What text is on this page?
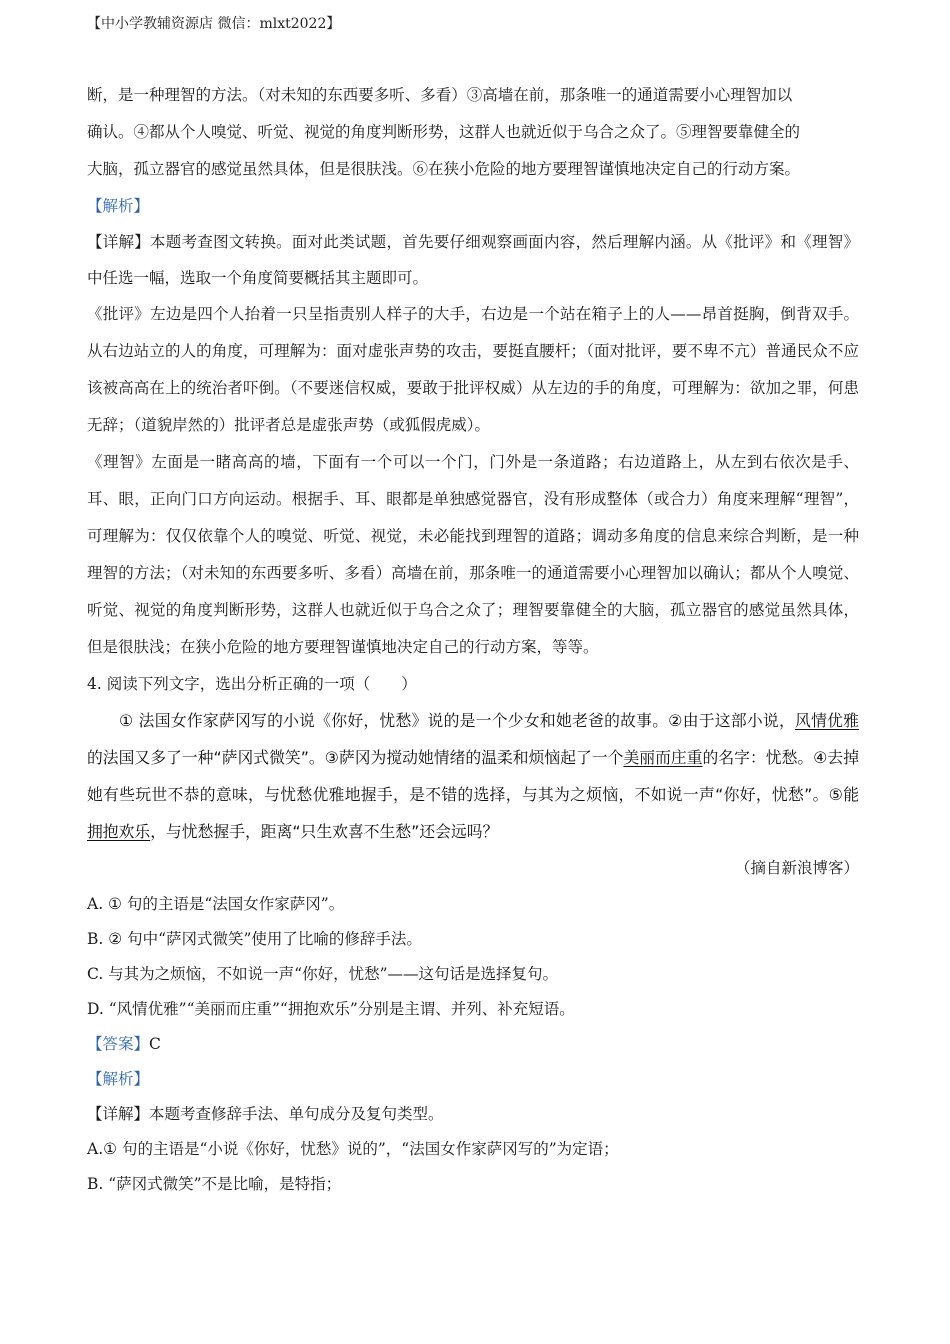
【中小学教辅资源店 微信：mlxt2022】

断，是一种理智的方法。（对未知的东西要多听、多看）③高墙在前，那条唯一的通道需要小心理智加以

确认。④都从个人嗅觉、听觉、视觉的角度判断形势，这群人也就近似于乌合之众了。⑤理智要靠健全的

大脑，孤立器官的感觉虽然具体，但是很肤浅。⑥在狭小危险的地方要理智谨慎地决定自己的行动方案。

【解析】

【详解】本题考查图文转换。面对此类试题，首先要仔细观察画面内容，然后理解内涵。从《批评》和《理智》中任选一幅，选取一个角度简要概括其主题即可。

《批评》左边是四个人抬着一只呈指责别人样子的大手，右边是一个站在箱子上的人——昂首挺胸，倒背双手。从右边站立的人的角度，可理解为：面对虚张声势的攻击，要挺直腰杆；（面对批评，要不卑不亢）普通民众不应该被高高在上的统治者吓倒。（不要迷信权威，要敢于批评权威）从左边的手的角度，可理解为：欲加之罪，何患无辞；（道貌岸然的）批评者总是虚张声势（或狐假虎威）。

《理智》左面是一睹高高的墙，下面有一个可以一个门，门外是一条道路；右边道路上，从左到右依次是手、耳、眼，正向门口方向运动。根据手、耳、眼都是单独感觉器官，没有形成整体（或合力）角度来理解“理智”，可理解为：仅仅依靠个人的嗅觉、听觉、视觉，未必能找到理智的道路；调动多角度的信息来综合判断，是一种理智的方法；（对未知的东西要多听、多看）高墙在前，那条唯一的通道需要小心理智加以确认；都从个人嗅觉、听觉、视觉的角度判断形势，这群人也就近似于乌合之众了；理智要靠健全的大脑，孤立器官的感觉虽然具体，但是很肤浅；在狭小危险的地方要理智谨慎地决定自己的行动方案，等等。

4. 阅读下列文字，选出分析正确的一项（　　）

① 法国女作家萨冈写的小说《你好，忧愁》说的是一个少女和她老爸的故事。②由于这部小说，风情优雅的法国又多了一种“萨冈式微笑”。③萨冈为搅动她情绪的温柔和烦恼起了一个美丽而庄重的名字：忧愁。④去掉她有些玩世不恭的意味，与忧愁优雅地握手，是不错的选择，与其为之烦恼，不如说一声“你好，忧愁”。⑤能拥抱欢乐，与忧愁握手，距离“只生欢喜不生愁”还会远吗？

（摘自新浪博客）

A. ① 句的主语是“法国女作家萨冈”。

B. ② 句中“萨冈式微笑”使用了比喻的修辞手法。

C. 与其为之烦恼，不如说一声“你好，忧愁”——这句话是选择复句。

D. “风情优雅”“美丽而庄重”“拥抱欢乐”分别是主谓、并列、补充短语。

【答案】C

【解析】

【详解】本题考查修辞手法、单句成分及复句类型。

A.① 句的主语是“小说《你好，忧愁》说的”，“法国女作家萨冈写的”为定语；

B. “萨冈式微笑”不是比喻，是特指；
